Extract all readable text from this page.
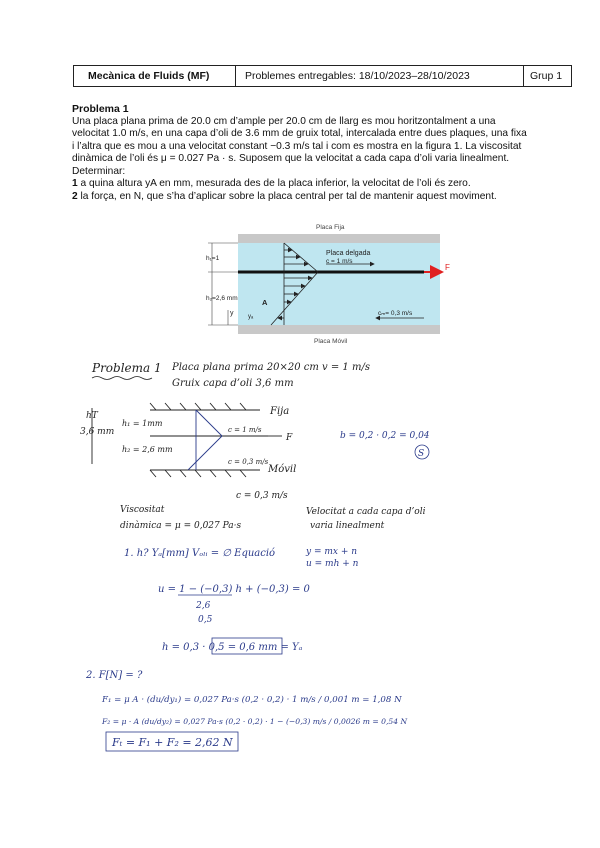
Mecànica de Fluids (MF)	Problemes entregables: 18/10/2023–28/10/2023	Grup 1
Problema 1

Una placa plana prima de 20.0 cm d’ample per 20.0 cm de llarg es mou horitzontalment a una velocitat 1.0 m/s, en una capa d’oli de 3.6 mm de gruix total, intercalada entre dues plaques, una fixa i l’altra que es mou a una velocitat constant −0.3 m/s tal i com es mostra en la figura 1. La viscositat dinàmica de l’oli és μ = 0.027 Pa · s. Suposem que la velocitat a cada capa d’oli varia linealment. Determinar:

1 a quina altura yA en mm, mesurada des de la placa inferior, la velocitat de l’oli és zero.

2 la força, en N, que s’ha d’aplicar sobre la placa central per tal de mantenir aquest moviment.

F
Placa delgada
c = 1 m/s
cₘ= 0,3 m/s
Placa Fija
Placa Móvil
h₁=1
h₂=2,6 mm
y yₐ
A
Problema 1 Placa plana prima 20×20 cm v = 1 m/s
Gruix capa d’oli 3,6 mm
hT
3,6 mm
h₁ = 1mm
h₂ = 2,6 mm
Fija
c = 1 m/s
F
c = 0,3 m/s
Móvil
b = 0,2 · 0,2 = 0,04
S
c = 0,3 m/s
Viscositat
dinàmica = μ = 0,027 Pa·s
Velocitat a cada capa d’oli
varia linealment
1. h? Yₐ[mm] Vₒₗᵢ = ∅ Equació	y = mx + n
u = mh + n
u = 1 − (−0,3) h + (−0,3) = 0
2,6
0,5
h = 0,3 · 0,5 = 0,6 mm = Yₐ
2. F[N] = ?
F₁ = μ A · (du/dy₁) = 0,027 Pa·s (0,2 · 0,2) · 1 m/s / 0,001 m = 1,08 N
F₂ = μ · A (du/dy₂) = 0,027 Pa·s (0,2 · 0,2) · 1 − (−0,3) m/s / 0,0026 m = 0,54 N
Fₜ = F₁ + F₂ = 2,62 N
